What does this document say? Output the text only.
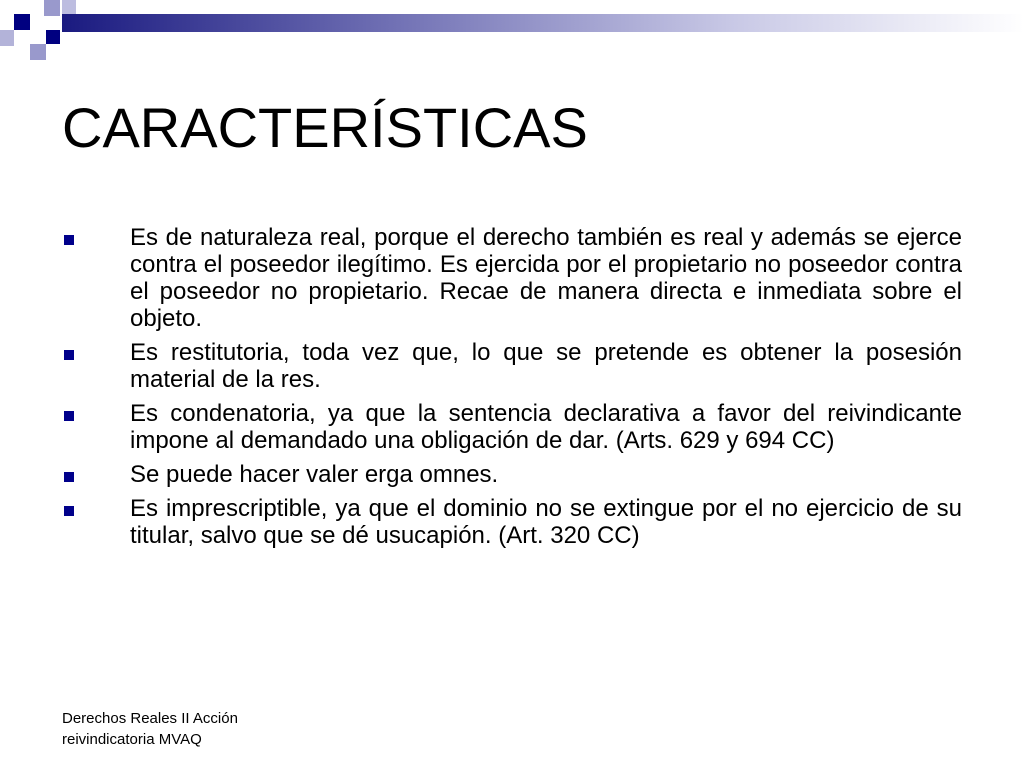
CARACTERÍSTICAS
Es de naturaleza real, porque el derecho también es real y además se ejerce contra el poseedor ilegítimo. Es ejercida por el propietario no poseedor contra el poseedor no propietario. Recae de manera directa e inmediata sobre el objeto.
Es restitutoria, toda vez que, lo que se pretende es obtener la posesión material de la res.
Es condenatoria, ya que la sentencia declarativa a favor del reivindicante impone al demandado una obligación de dar. (Arts. 629 y 694 CC)
Se puede hacer valer erga omnes.
Es imprescriptible, ya que el dominio no se extingue por el no ejercicio de su titular, salvo que se dé usucapión. (Art. 320 CC)
Derechos Reales II Acción reivindicatoria MVAQ
